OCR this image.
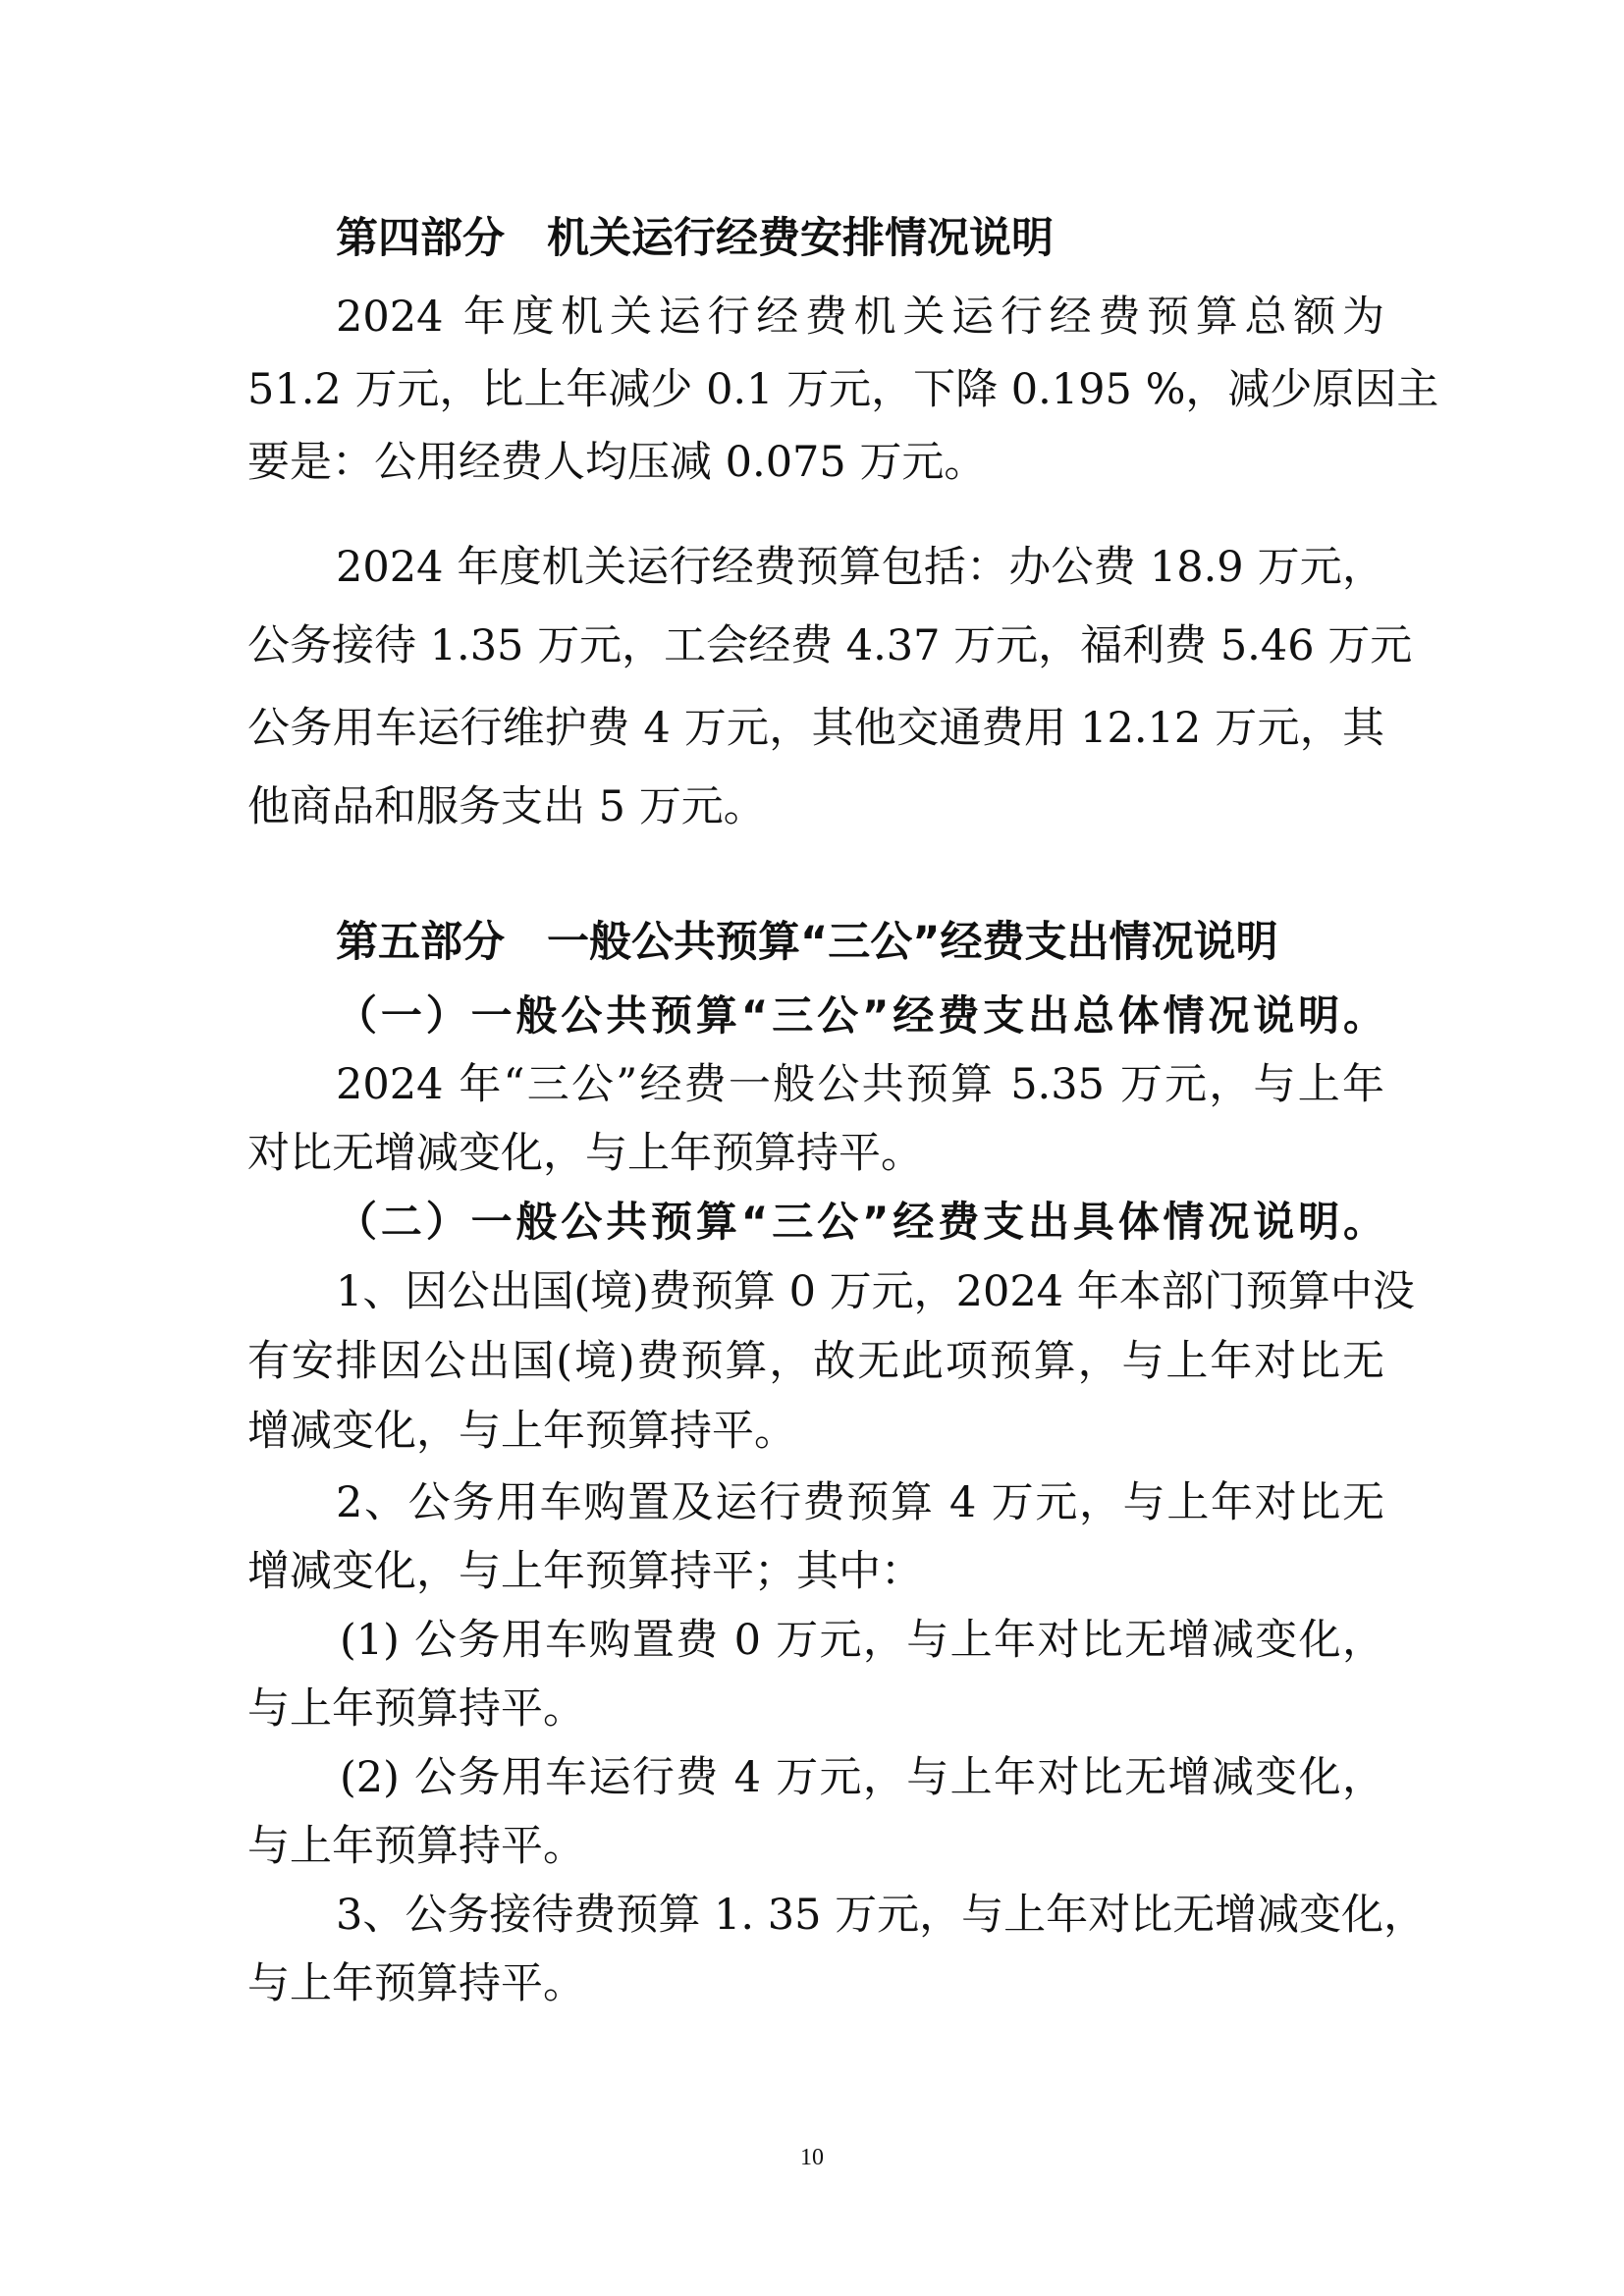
第四部分　机关运行经费安排情况说明
2024 年度机关运行经费机关运行经费预算总额为
51.2 万元，比上年减少 0.1 万元，下降 0.195 %，减少原因主
要是：公用经费人均压减 0.075 万元。
2024 年度机关运行经费预算包括：办公费 18.9 万元，
公务接待 1.35 万元，工会经费 4.37 万元，福利费 5.46 万元
公务用车运行维护费 4 万元，其他交通费用 12.12 万元，其
他商品和服务支出 5 万元。
第五部分　一般公共预算“三公”经费支出情况说明
（一）一般公共预算“三公”经费支出总体情况说明。
2024 年“三公”经费一般公共预算 5.35 万元，与上年
对比无增减变化，与上年预算持平。
（二）一般公共预算“三公”经费支出具体情况说明。
1、因公出国(境)费预算 0 万元，2024 年本部门预算中没
有安排因公出国(境)费预算，故无此项预算，与上年对比无
增减变化，与上年预算持平。
2、公务用车购置及运行费预算 4 万元，与上年对比无
增减变化，与上年预算持平；其中：
(1) 公务用车购置费 0 万元，与上年对比无增减变化，
与上年预算持平。
(2) 公务用车运行费 4 万元，与上年对比无增减变化，
与上年预算持平。
3、公务接待费预算 1. 35 万元，与上年对比无增减变化，
与上年预算持平。
10
